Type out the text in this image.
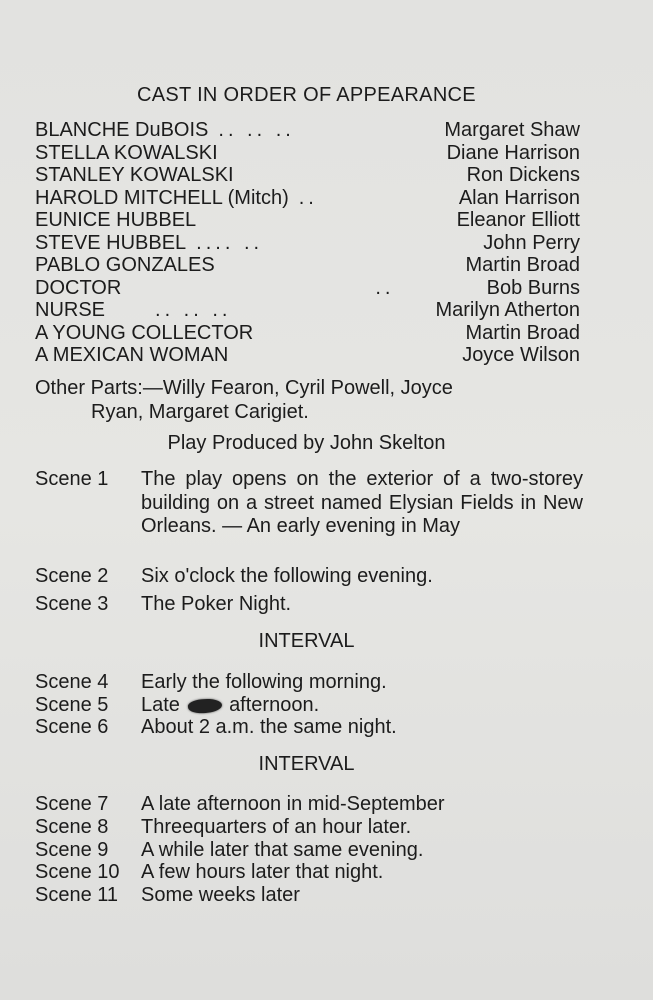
CAST IN ORDER OF APPEARANCE
BLANCHE DuBOIS .. .. ..	Margaret Shaw
STELLA KOWALSKI	Diane Harrison
STANLEY KOWALSKI	Ron Dickens
HAROLD MITCHELL (Mitch) ..	Alan Harrison
EUNICE HUBBEL	Eleanor Elliott
STEVE HUBBEL .... ..	John Perry
PABLO GONZALES	Martin Broad
DOCTOR	..	Bob Burns
NURSE	.. .. ..	Marilyn Atherton
A YOUNG COLLECTOR	Martin Broad
A MEXICAN WOMAN	Joyce Wilson
Other Parts:—Willy Fearon, Cyril Powell, Joyce
Ryan, Margaret Carigiet.
Play Produced by John Skelton
Scene 1	The play opens on the exterior of a two-storey building on a street named Elysian Fields in New Orleans. — An early evening in May
Scene 2	Six o'clock the following evening.
Scene 3	The Poker Night.
INTERVAL
Scene 4	Early the following morning.
Scene 5	Late afternoon.
Scene 6	About 2 a.m. the same night.
INTERVAL
Scene 7	A late afternoon in mid-September
Scene 8	Threequarters of an hour later.
Scene 9	A while later that same evening.
Scene 10	A few hours later that night.
Scene 11	Some weeks later
